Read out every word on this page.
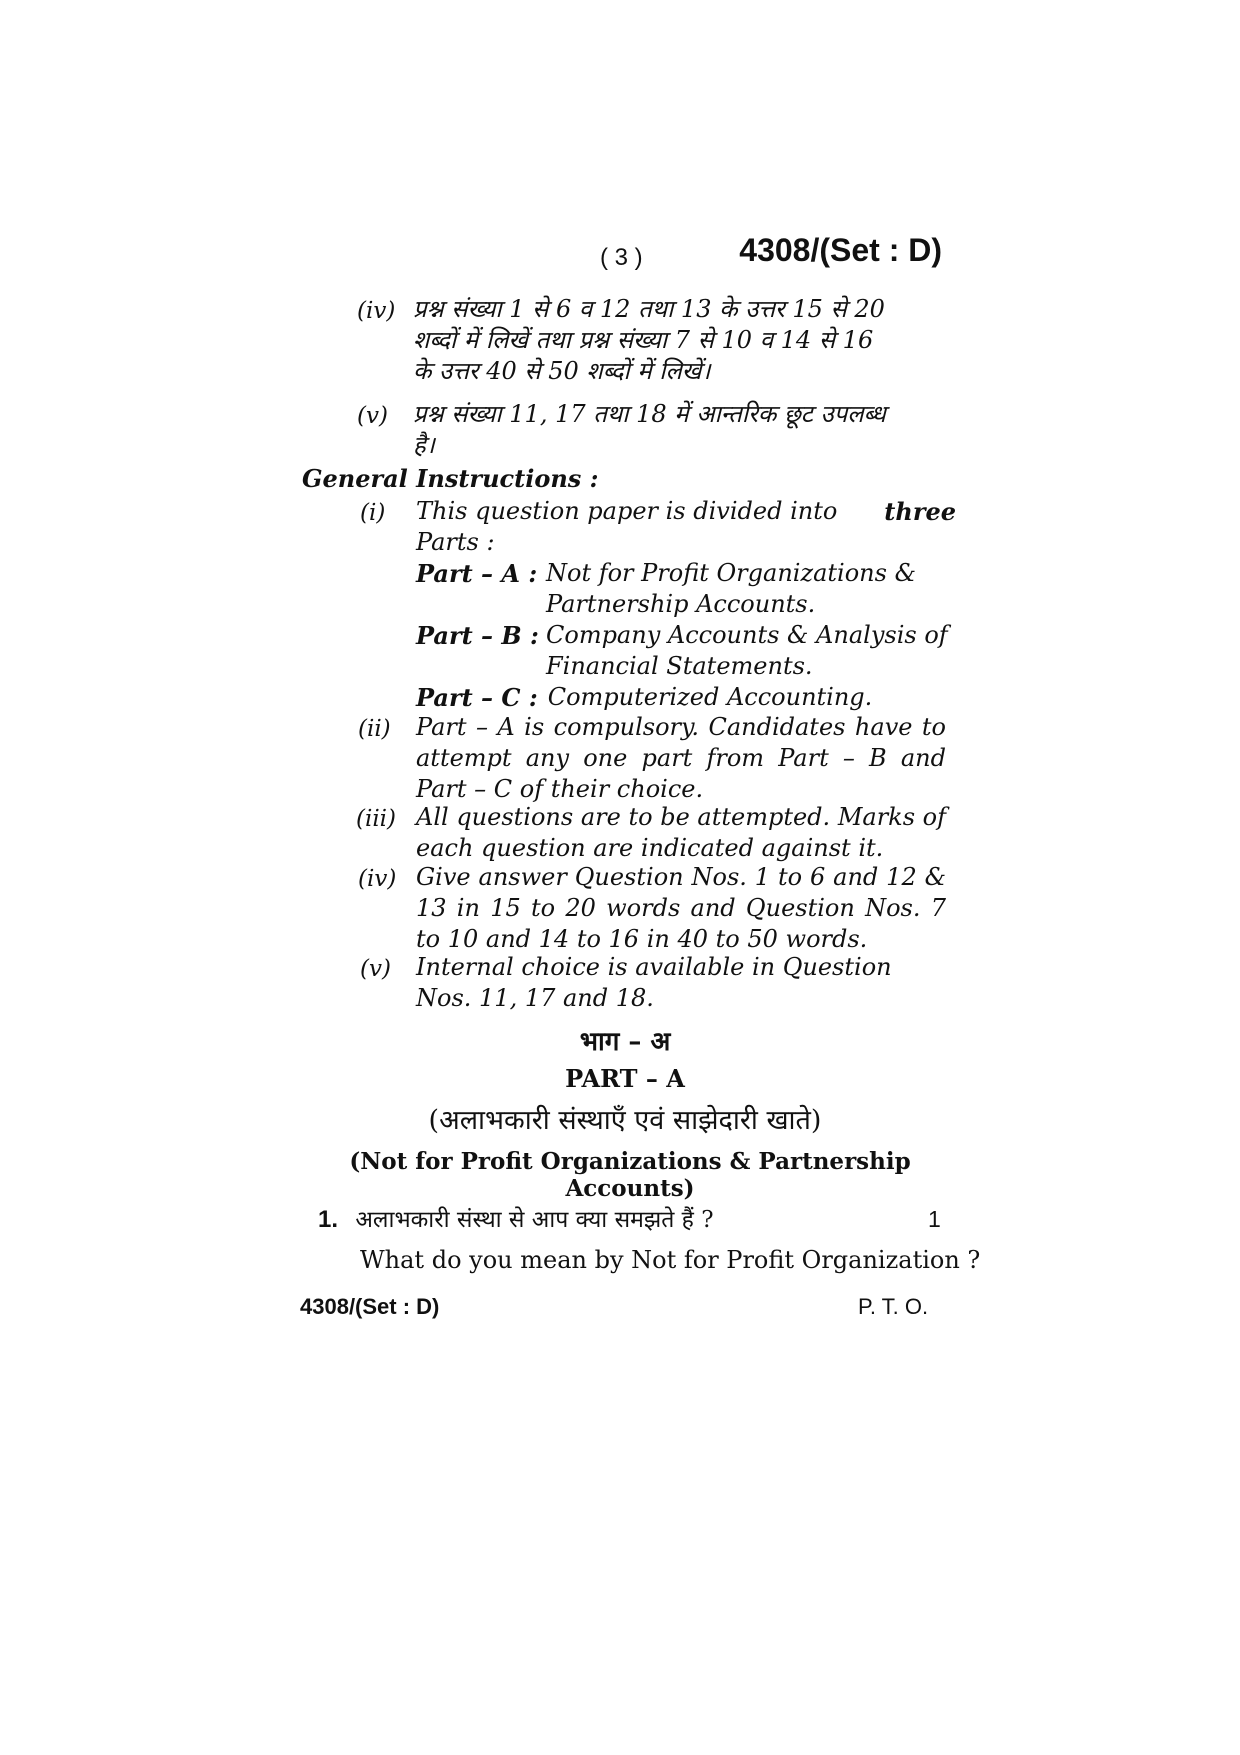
( 3 )	4308/(Set : D)
(iv) प्रश्न संख्या 1 से 6 व 12 तथा 13 के उत्तर 15 से 20
शब्दों में लिखें तथा प्रश्न संख्या 7 से 10 व 14 से 16
के उत्तर 40 से 50 शब्दों में लिखें।
(v) प्रश्न संख्या 11, 17 तथा 18 में आन्तरिक छूट उपलब्ध
है।
General Instructions :
(i) This question paper is divided into three
Parts :
Part – A : Not for Profit Organizations &
Partnership Accounts.
Part – B : Company Accounts & Analysis of
Financial Statements.
Part – C : Computerized Accounting.
(ii) Part – A is compulsory. Candidates have to attempt any one part from Part – B and Part – C of their choice.
(iii) All questions are to be attempted. Marks of each question are indicated against it.
(iv) Give answer Question Nos. 1 to 6 and 12 & 13 in 15 to 20 words and Question Nos. 7 to 10 and 14 to 16 in 40 to 50 words.
(v) Internal choice is available in Question Nos. 11, 17 and 18.
भाग – अ
PART – A
(अलाभकारी संस्थाएँ एवं साझेदारी खाते)
(Not for Profit Organizations & Partnership Accounts)
1. अलाभकारी संस्था से आप क्या समझते हैं ?	1
What do you mean by Not for Profit Organization ?
4308/(Set : D)	P. T. O.
